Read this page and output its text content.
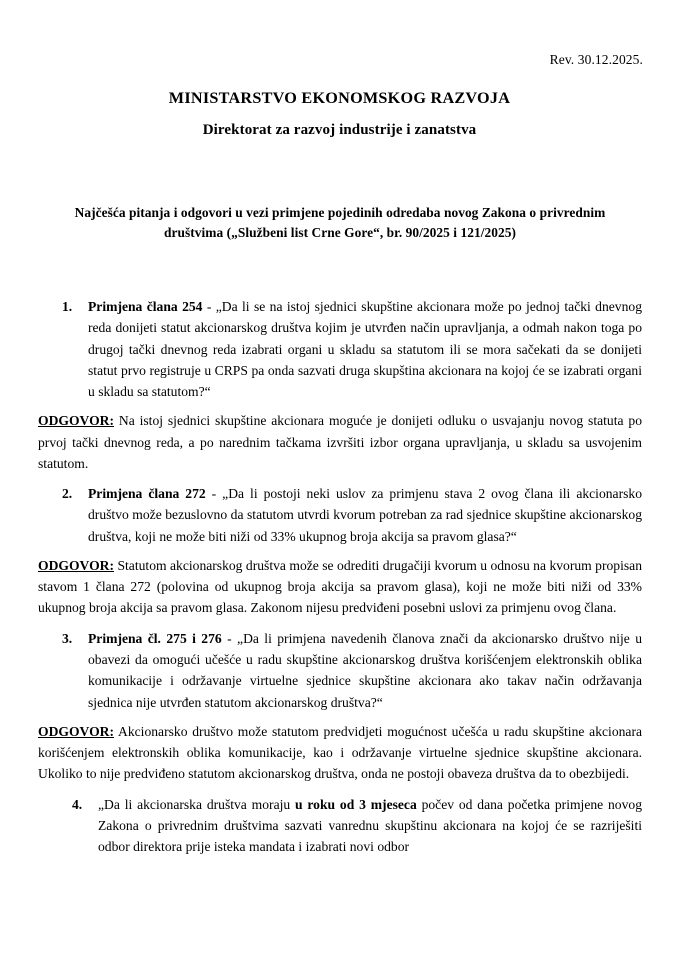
Rev. 30.12.2025.
MINISTARSTVO EKONOMSKOG RAZVOJA
Direktorat za razvoj industrije i zanatstva
Najčešća pitanja i odgovori u vezi primjene pojedinih odredaba novog Zakona o privrednim društvima („Službeni list Crne Gore“, br. 90/2025 i 121/2025)
1.	Primjena člana 254 - „Da li se na istoj sjednici skupštine akcionara može po jednoj tački dnevnog reda donijeti statut akcionarskog društva kojim je utvrđen način upravljanja, a odmah nakon toga po drugoj tački dnevnog reda izabrati organi u skladu sa statutom ili se mora sačekati da se donijeti statut prvo registruje u CRPS pa onda sazvati druga skupština akcionara na kojoj će se izabrati organi u skladu sa statutom?“

ODGOVOR: Na istoj sjednici skupštine akcionara moguće je donijeti odluku o usvajanju novog statuta po prvoj tački dnevnog reda, a po narednim tačkama izvršiti izbor organa upravljanja, u skladu sa usvojenim statutom.

2.	Primjena člana 272 - „Da li postoji neki uslov za primjenu stava 2 ovog člana ili akcionarsko društvo može bezuslovno da statutom utvrdi kvorum potreban za rad sjednice skupštine akcionarskog društva, koji ne može biti niži od 33% ukupnog broja akcija sa pravom glasa?“

ODGOVOR: Statutom akcionarskog društva može se odrediti drugačiji kvorum u odnosu na kvorum propisan stavom 1 člana 272 (polovina od ukupnog broja akcija sa pravom glasa), koji ne može biti niži od 33% ukupnog broja akcija sa pravom glasa. Zakonom nijesu predviđeni posebni uslovi za primjenu ovog člana.

3.	Primjena čl. 275 i 276 - „Da li primjena navedenih članova znači da akcionarsko društvo nije u obavezi da omogući učešće u radu skupštine akcionarskog društva korišćenjem elektronskih oblika komunikacije i održavanje virtuelne sjednice skupštine akcionara ako takav način održavanja sjednica nije utvrđen statutom akcionarskog društva?“

ODGOVOR: Akcionarsko društvo može statutom predvidjeti mogućnost učešća u radu skupštine akcionara korišćenjem elektronskih oblika komunikacije, kao i održavanje virtuelne sjednice skupštine akcionara. Ukoliko to nije predviđeno statutom akcionarskog društva, onda ne postoji obaveza društva da to obezbijedi.

4.	„Da li akcionarska društva moraju u roku od 3 mjeseca počev od dana početka primjene novog Zakona o privrednim društvima sazvati vanrednu skupštinu akcionara na kojoj će se razriješiti odbor direktora prije isteka mandata i izabrati novi odbor
